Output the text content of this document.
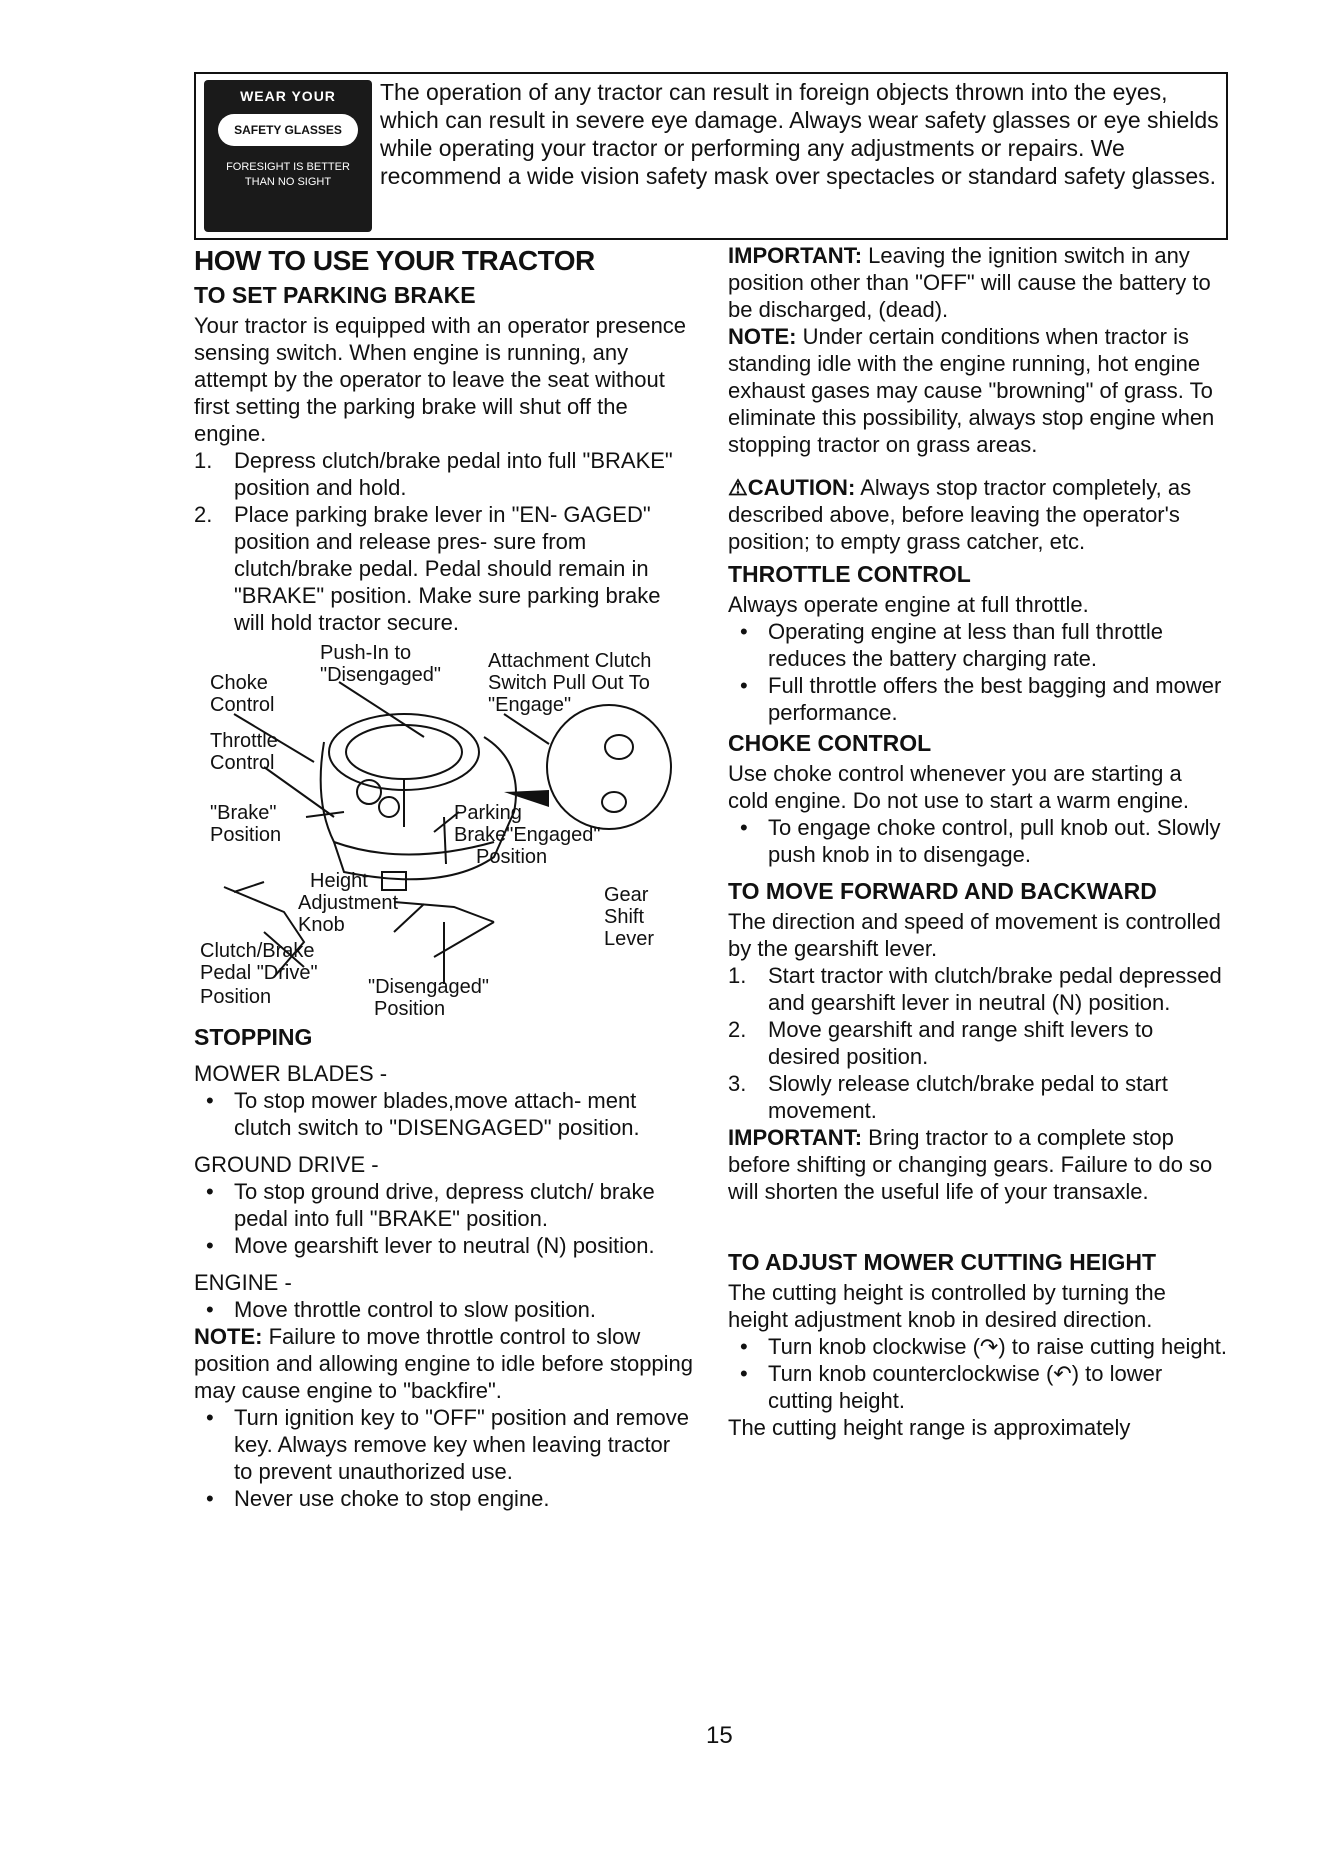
WEAR YOUR
SAFETY GLASSES
FORESIGHT IS BETTER
THAN NO SIGHT
The operation of any tractor can result in foreign objects thrown into the eyes, which can result in severe eye damage. Always wear safety glasses or eye shields while operating your tractor or performing any adjustments or repairs. We recommend a wide vision safety mask over spectacles or standard safety glasses.
HOW TO USE YOUR TRACTOR
TO SET PARKING BRAKE

Your tractor is equipped with an operator presence sensing switch. When engine is running, any attempt by the operator to leave the seat without first setting the parking brake will shut off the engine.

1. Depress clutch/brake pedal into full "BRAKE" position and hold.
2. Place parking brake lever in "EN- GAGED" position and release pres- sure from clutch/brake pedal. Pedal should remain in "BRAKE" position. Make sure parking brake will hold tractor secure.
Push-In to
"Disengaged"
Attachment Clutch
Switch Pull Out To
"Engage"
Choke
Control
Throttle
Control
"Brake"
Position
Parking
Brake"Engaged"
Position
Height
Adjustment
Knob
Gear
Shift
Lever
Clutch/Brake
Pedal "Drive"
Position	"Disengaged"
Position
STOPPING

MOWER BLADES -

• To stop mower blades,move attach- ment clutch switch to "DISENGAGED" position.

GROUND DRIVE -

• To stop ground drive, depress clutch/ brake pedal into full "BRAKE" position.
• Move gearshift lever to neutral (N) position.

ENGINE -

• Move throttle control to slow position.

NOTE: Failure to move throttle control to slow position and allowing engine to idle before stopping may cause engine to "backfire".

• Turn ignition key to "OFF" position and remove key. Always remove key when leaving tractor to prevent unauthorized use.
• Never use choke to stop engine.

IMPORTANT: Leaving the ignition switch in any position other than "OFF" will cause the battery to be discharged, (dead).

NOTE: Under certain conditions when tractor is standing idle with the engine running, hot engine exhaust gases may cause "browning" of grass. To eliminate this possibility, always stop engine when stopping tractor on grass areas.

⚠CAUTION: Always stop tractor completely, as described above, before leaving the operator's position; to empty grass catcher, etc.

THROTTLE CONTROL

Always operate engine at full throttle.

• Operating engine at less than full throttle reduces the battery charging rate.
• Full throttle offers the best bagging and mower performance.
CHOKE CONTROL

Use choke control whenever you are starting a cold engine. Do not use to start a warm engine.

• To engage choke control, pull knob out. Slowly push knob in to disengage.
TO MOVE FORWARD AND BACKWARD

The direction and speed of movement is controlled by the gearshift lever.

1. Start tractor with clutch/brake pedal depressed and gearshift lever in neutral (N) position.
2. Move gearshift and range shift levers to desired position.
3. Slowly release clutch/brake pedal to start movement.

IMPORTANT: Bring tractor to a complete stop before shifting or changing gears. Failure to do so will shorten the useful life of your transaxle.

TO ADJUST MOWER CUTTING HEIGHT

The cutting height is controlled by turning the height adjustment knob in desired direction.

• Turn knob clockwise (↷) to raise cutting height.
• Turn knob counterclockwise (↶) to lower cutting height.

The cutting height range is approximately

15
